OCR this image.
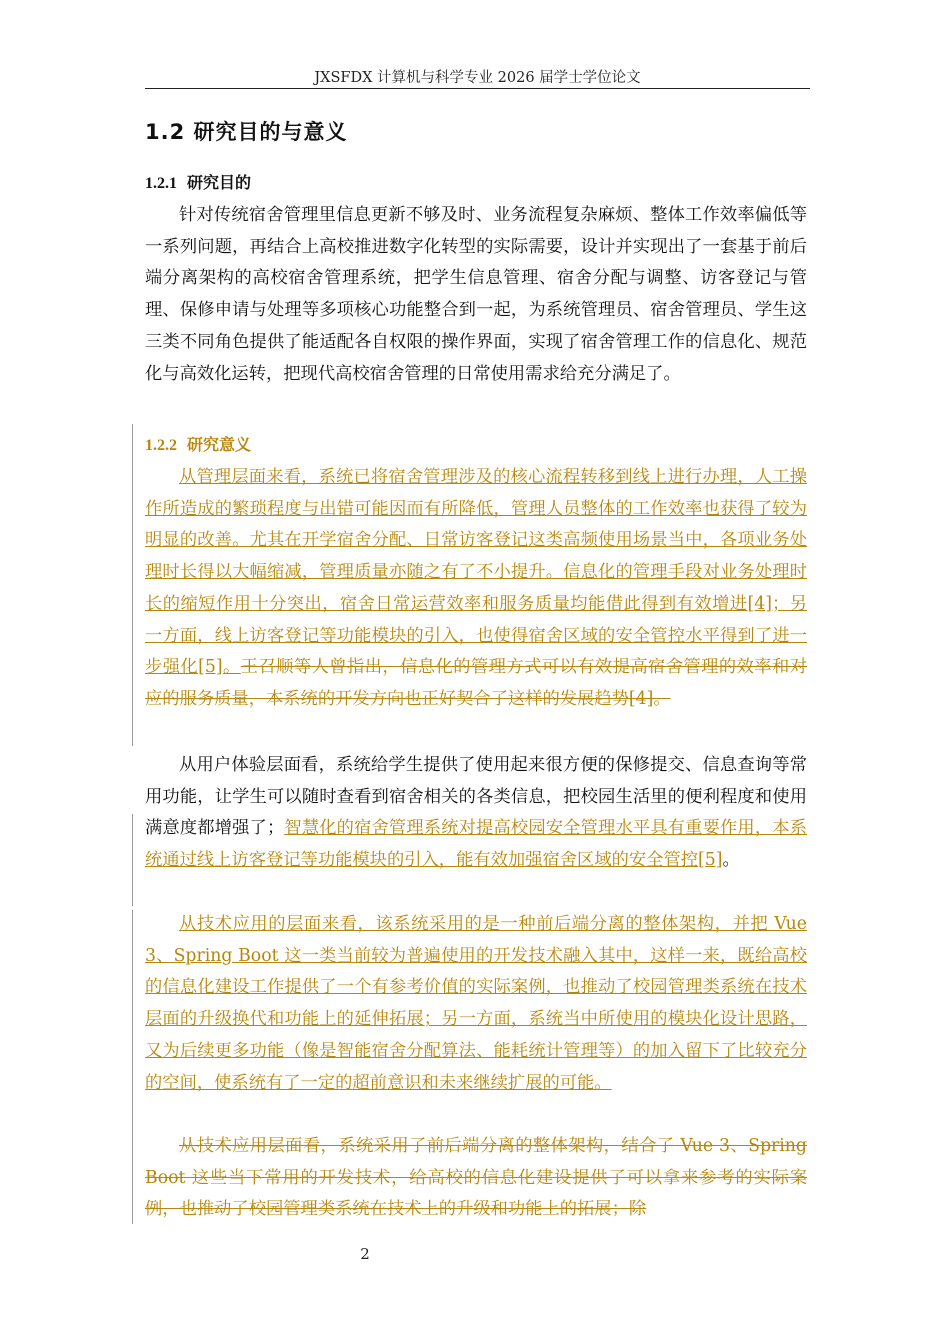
JXSFDX 计算机与科学专业 2026 届学士学位论文
1.2 研究目的与意义
1.2.1 研究目的
针对传统宿舍管理里信息更新不够及时、业务流程复杂麻烦、整体工作效率偏低等一系列问题，再结合上高校推进数字化转型的实际需要，设计并实现出了一套基于前后端分离架构的高校宿舍管理系统，把学生信息管理、宿舍分配与调整、访客登记与管理、保修申请与处理等多项核心功能整合到一起，为系统管理员、宿舍管理员、学生这三类不同角色提供了能适配各自权限的操作界面，实现了宿舍管理工作的信息化、规范化与高效化运转，把现代高校宿舍管理的日常使用需求给充分满足了。
1.2.2 研究意义
从管理层面来看，系统已将宿舍管理涉及的核心流程转移到线上进行办理，人工操作所造成的繁琐程度与出错可能因而有所降低，管理人员整体的工作效率也获得了较为明显的改善。尤其在开学宿舍分配、日常访客登记这类高频使用场景当中，各项业务处理时长得以大幅缩减，管理质量亦随之有了不小提升。信息化的管理手段对业务处理时长的缩短作用十分突出，宿舍日常运营效率和服务质量均能借此得到有效增进[4]；另一方面，线上访客登记等功能模块的引入，也使得宿舍区域的安全管控水平得到了进一步强化[5]。王召顺等人曾指出，信息化的管理方式可以有效提高宿舍管理的效率和对应的服务质量，本系统的开发方向也正好契合了这样的发展趋势[4]。
从用户体验层面看，系统给学生提供了使用起来很方便的保修提交、信息查询等常用功能，让学生可以随时查看到宿舍相关的各类信息，把校园生活里的便利程度和使用满意度都增强了；智慧化的宿舍管理系统对提高校园安全管理水平具有重要作用，本系统通过线上访客登记等功能模块的引入，能有效加强宿舍区域的安全管控[5]。
从技术应用的层面来看，该系统采用的是一种前后端分离的整体架构，并把 Vue 3、Spring Boot 这一类当前较为普遍使用的开发技术融入其中，这样一来，既给高校的信息化建设工作提供了一个有参考价值的实际案例，也推动了校园管理类系统在技术层面的升级换代和功能上的延伸拓展；另一方面，系统当中所使用的模块化设计思路，又为后续更多功能（像是智能宿舍分配算法、能耗统计管理等）的加入留下了比较充分的空间，使系统有了一定的超前意识和未来继续扩展的可能。
从技术应用层面看，系统采用了前后端分离的整体架构，结合了 Vue 3、Spring Boot 这些当下常用的开发技术，给高校的信息化建设提供了可以拿来参考的实际案例，也推动了校园管理类系统在技术上的升级和功能上的拓展；除
2
